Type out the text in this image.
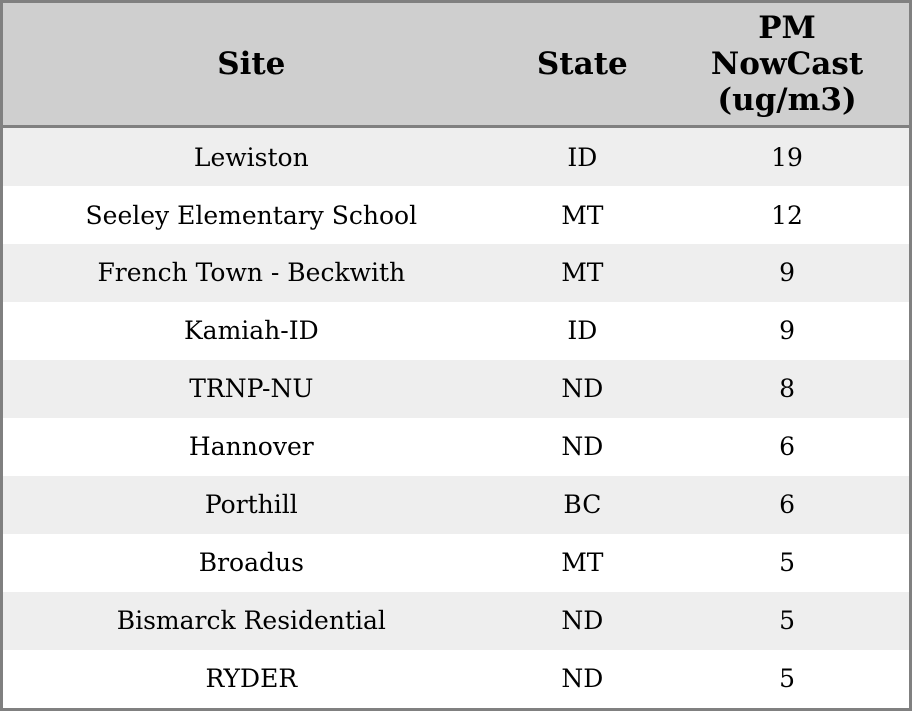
Site	State	PM NowCast (ug/m3)
Lewiston	ID	19
Seeley Elementary School	MT	12
French Town - Beckwith	MT	9
Kamiah-ID	ID	9
TRNP-NU	ND	8
Hannover	ND	6
Porthill	BC	6
Broadus	MT	5
Bismarck Residential	ND	5
RYDER	ND	5
